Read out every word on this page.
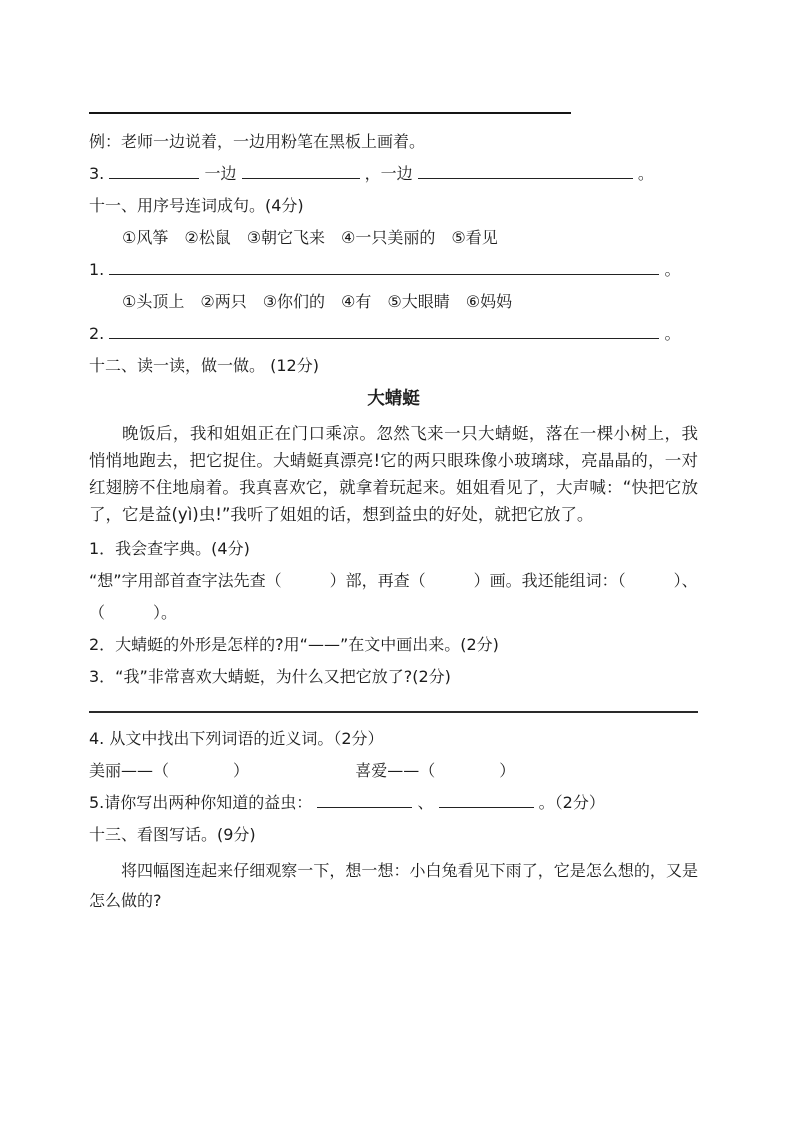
例：老师一边说着，一边用粉笔在黑板上画着。
3.	一边	，一边	。
十一、用序号连词成句。(4分)
①风筝　②松鼠　③朝它飞来　④一只美丽的　⑤看见
1.	。
①头顶上　②两只　③你们的　④有　⑤大眼睛　⑥妈妈
2.	。
十二、读一读，做一做。 (12分)
大蜻蜓
晚饭后，我和姐姐正在门口乘凉。忽然飞来一只大蜻蜓，落在一棵小树上，我悄悄地跑去，把它捉住。大蜻蜓真漂亮!它的两只眼珠像小玻璃球，亮晶晶的，一对红翅膀不住地扇着。我真喜欢它，就拿着玩起来。姐姐看见了，大声喊：“快把它放了，它是益(yì)虫!”我听了姐姐的话，想到益虫的好处，就把它放了。
1．我会查字典。(4分)
“想”字用部首查字法先查（　　　）部，再查（　　　）画。我还能组词：（　　　）、
（　　　）。
2．大蜻蜓的外形是怎样的?用“——”在文中画出来。(2分)
3．“我”非常喜欢大蜻蜓，为什么又把它放了?(2分)
4. 从文中找出下列词语的近义词。（2分）
美丽——（　　　　）	喜爱——（　　　　）
5.请你写出两种你知道的益虫：	、	。（2分）
十三、看图写话。(9分)
将四幅图连起来仔细观察一下，想一想：小白兔看见下雨了，它是怎么想的，又是怎么做的?
